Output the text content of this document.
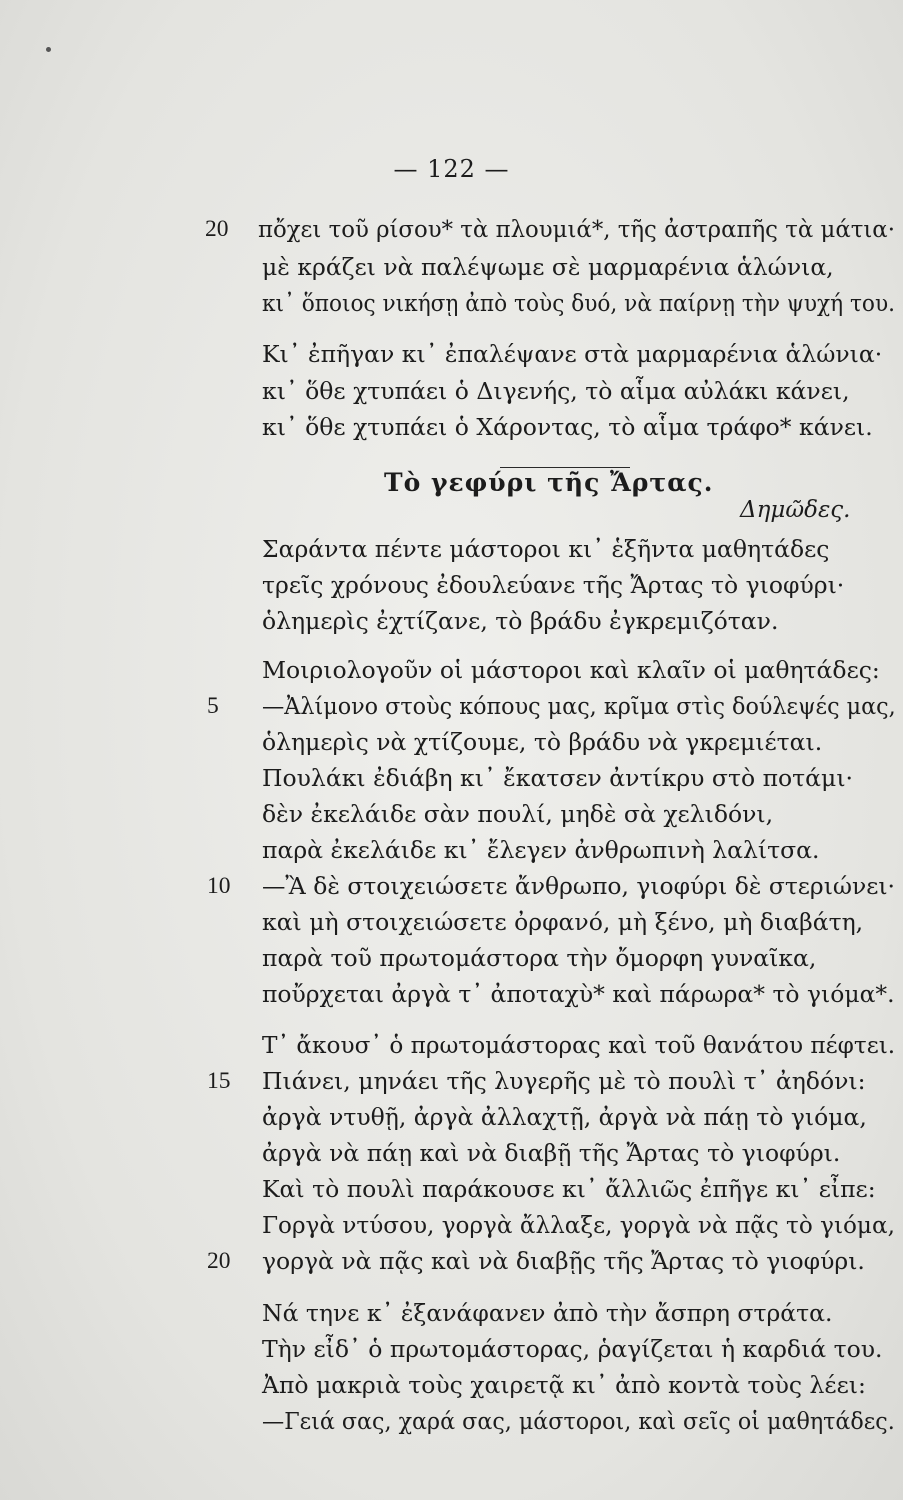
— 122 —
20 πὄχει τοῦ ρίσου* τὰ πλουμιά*, τῆς ἀστραπῆς τὰ μάτια·
μὲ κράζει νὰ παλέψωμε σὲ μαρμαρένια ἁλώνια,
κι᾿ ὅποιος νικήσῃ ἀπὸ τοὺς δυό, νὰ παίρνῃ τὴν ψυχή του.
Κι᾿ ἐπῆγαν κι᾿ ἐπαλέψανε στὰ μαρμαρένια ἁλώνια·
κι᾿ ὅθε χτυπάει ὁ Διγενής, τὸ αἷμα αὐλάκι κάνει,
κι᾿ ὅθε χτυπάει ὁ Χάροντας, τὸ αἷμα τράφο* κάνει.
Τὸ γεφύρι τῆς Ἄρτας.
Δημῶδες.
Σαράντα πέντε μάστοροι κι᾿ ἑξῆντα μαθητάδες
τρεῖς χρόνους ἐδουλεύανε τῆς Ἄρτας τὸ γιοφύρι·
ὁλημερὶς ἐχτίζανε, τὸ βράδυ ἐγκρεμιζόταν.
Μοιριολογοῦν οἱ μάστοροι καὶ κλαῖν οἱ μαθητάδες:
5 —Ἀλίμονο στοὺς κόπους μας, κρῖμα στὶς δούλεψές μας,
ὁλημερὶς νὰ χτίζουμε, τὸ βράδυ νὰ γκρεμιέται.
Πουλάκι ἐδιάβη κι᾿ ἔκατσεν ἀντίκρυ στὸ ποτάμι·
δὲν ἐκελάιδε σὰν πουλί, μηδὲ σὰ χελιδόνι,
παρὰ ἐκελάιδε κι᾿ ἔλεγεν ἀνθρωπινὴ λαλίτσα.
10 —Ἂ δὲ στοιχειώσετε ἄνθρωπο, γιοφύρι δὲ στεριώνει·
καὶ μὴ στοιχειώσετε ὀρφανό, μὴ ξένο, μὴ διαβάτη,
παρὰ τοῦ πρωτομάστορα τὴν ὄμορφη γυναῖκα,
ποὔρχεται ἀργὰ τ᾿ ἀποταχὺ* καὶ πάρωρα* τὸ γιόμα*.
Τ᾿ ἄκουσ᾿ ὁ πρωτομάστορας καὶ τοῦ θανάτου πέφτει.
15 Πιάνει, μηνάει τῆς λυγερῆς μὲ τὸ πουλὶ τ᾿ ἀηδόνι:
ἀργὰ ντυθῇ, ἀργὰ ἀλλαχτῇ, ἀργὰ νὰ πάῃ τὸ γιόμα,
ἀργὰ νὰ πάῃ καὶ νὰ διαβῇ τῆς Ἄρτας τὸ γιοφύρι.
Καὶ τὸ πουλὶ παράκουσε κι᾿ ἄλλιῶς ἐπῆγε κι᾿ εἶπε:
Γοργὰ ντύσου, γοργὰ ἄλλαξε, γοργὰ νὰ πᾷς τὸ γιόμα,
20 γοργὰ νὰ πᾷς καὶ νὰ διαβῇς τῆς Ἄρτας τὸ γιοφύρι.
Νά τηνε κ᾿ ἐξανάφανεν ἀπὸ τὴν ἄσπρη στράτα.
Τὴν εἶδ᾿ ὁ πρωτομάστορας, ῥαγίζεται ἡ καρδιά του.
Ἀπὸ μακριὰ τοὺς χαιρετᾷ κι᾿ ἀπὸ κοντὰ τοὺς λέει:
—Γειά σας, χαρά σας, μάστοροι, καὶ σεῖς οἱ μαθητάδες.
